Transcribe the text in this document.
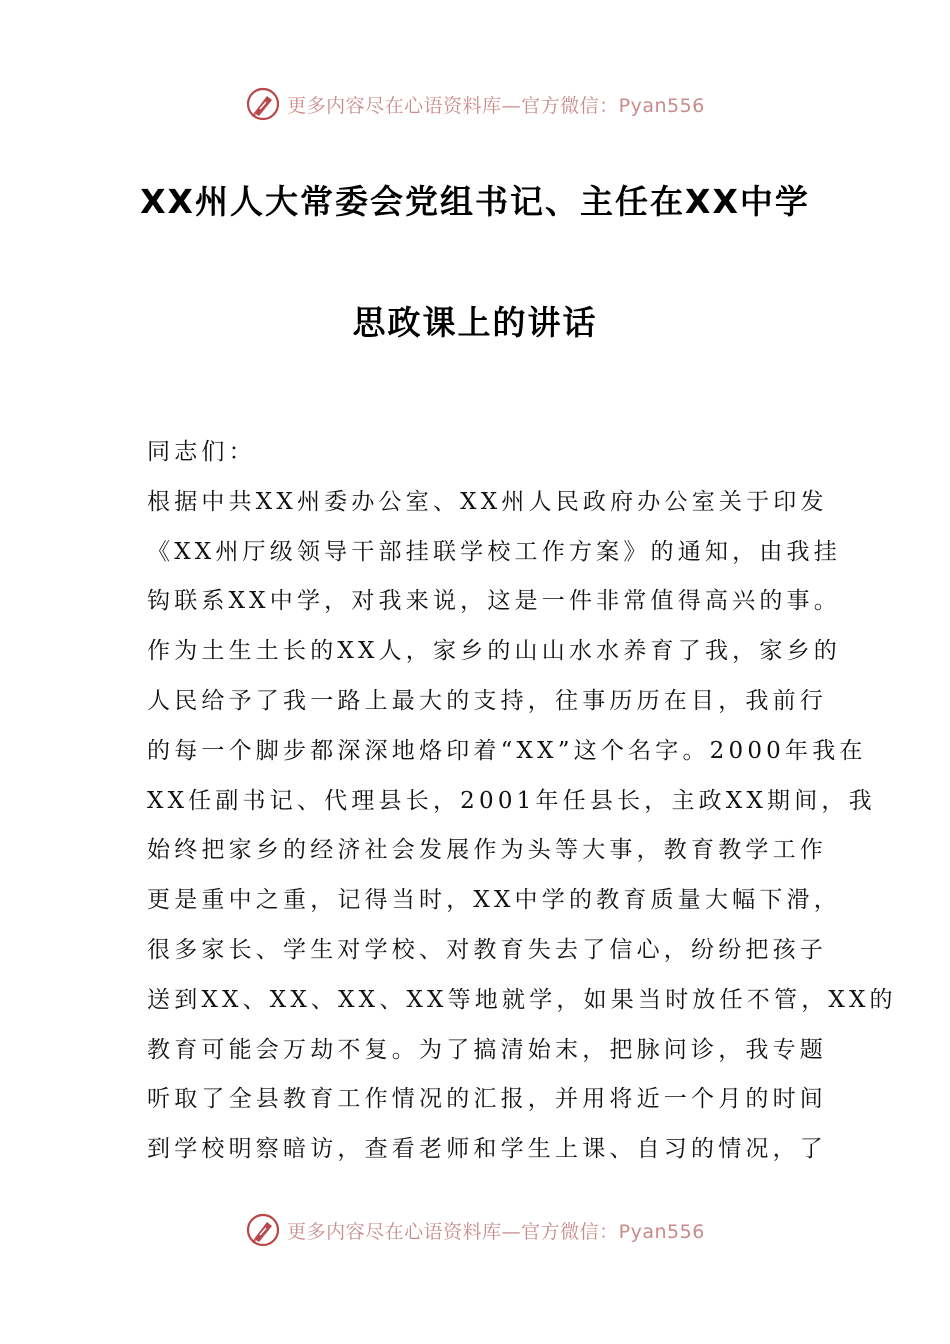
更多内容尽在心语资料库—官方微信：Pyan556
XX州人大常委会党组书记、主任在XX中学
思政课上的讲话
同志们：
根据中共XX州委办公室、XX州人民政府办公室关于印发
《XX州厅级领导干部挂联学校工作方案》的通知，由我挂
钩联系XX中学，对我来说，这是一件非常值得高兴的事。
作为土生土长的XX人，家乡的山山水水养育了我，家乡的
人民给予了我一路上最大的支持，往事历历在目，我前行
的每一个脚步都深深地烙印着“XX”这个名字。2000年我在
XX任副书记、代理县长，2001年任县长，主政XX期间，我
始终把家乡的经济社会发展作为头等大事，教育教学工作
更是重中之重，记得当时，XX中学的教育质量大幅下滑，
很多家长、学生对学校、对教育失去了信心，纷纷把孩子
送到XX、XX、XX、XX等地就学，如果当时放任不管，XX的
教育可能会万劫不复。为了搞清始末，把脉问诊，我专题
听取了全县教育工作情况的汇报，并用将近一个月的时间
到学校明察暗访，查看老师和学生上课、自习的情况，了
更多内容尽在心语资料库—官方微信：Pyan556
